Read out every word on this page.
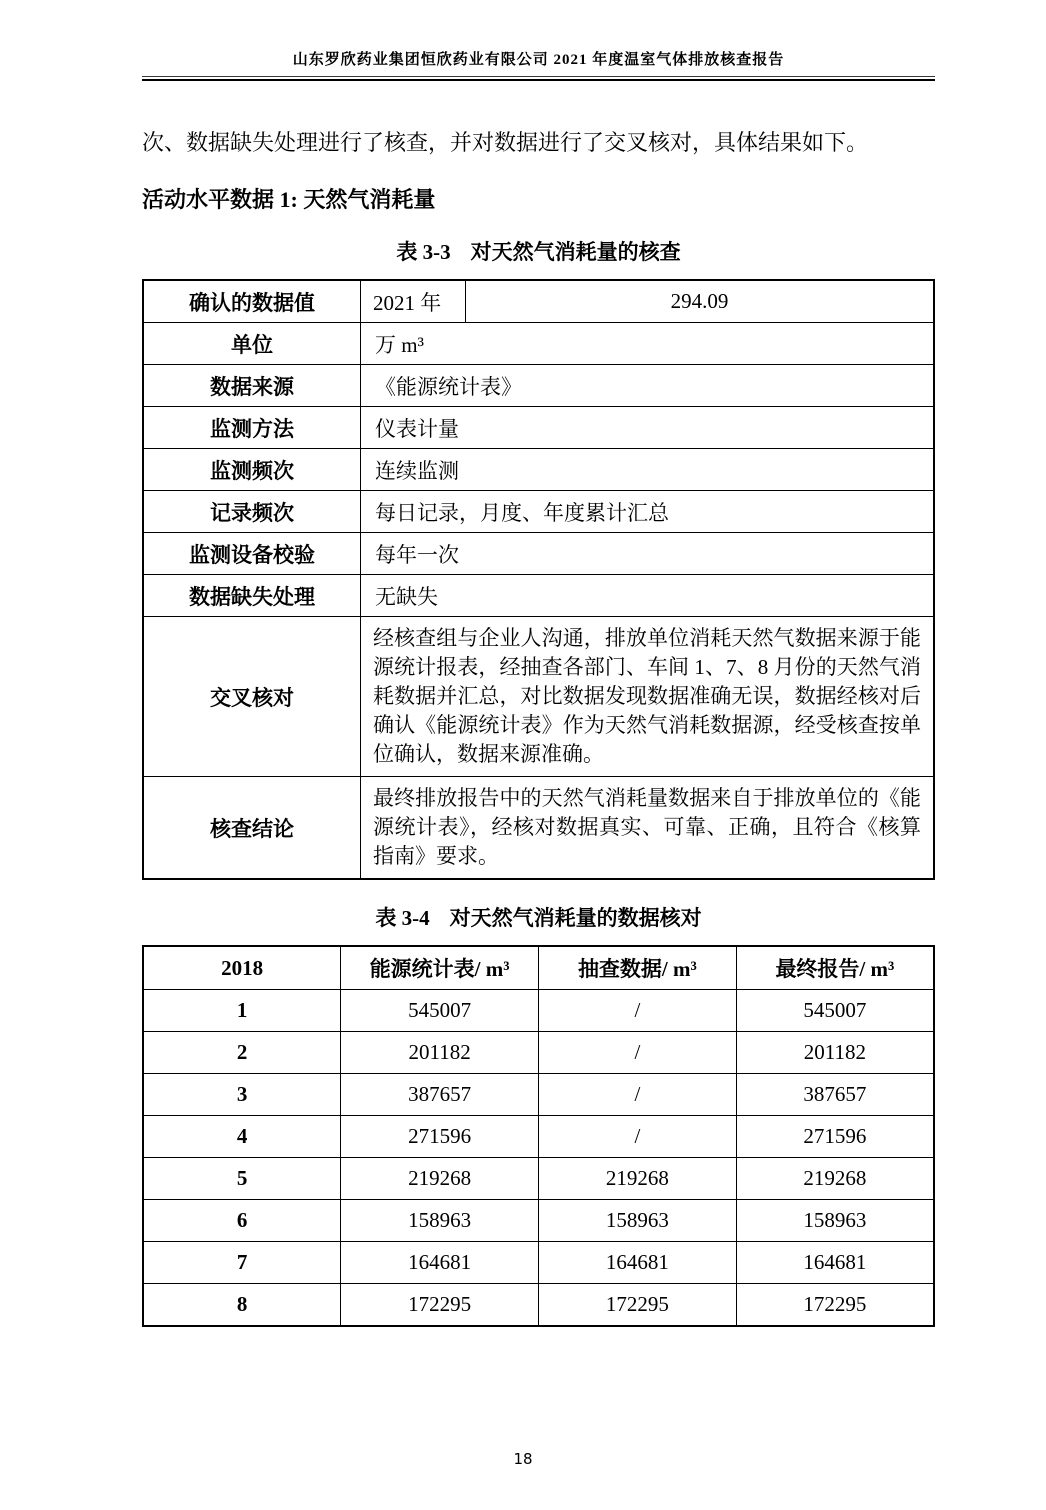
山东罗欣药业集团恒欣药业有限公司 2021 年度温室气体排放核查报告
次、数据缺失处理进行了核查，并对数据进行了交叉核对，具体结果如下。
活动水平数据 1: 天然气消耗量
表 3-3 对天然气消耗量的核查
确认的数据值	2021 年	294.09
单位	万 m³	
数据来源	《能源统计表》	
监测方法	仪表计量	
监测频次	连续监测	
记录频次	每日记录，月度、年度累计汇总	
监测设备校验	每年一次	
数据缺失处理	无缺失	
交叉核对	经核查组与企业人沟通，排放单位消耗天然气数据来源于能源统计报表，经抽查各部门、车间 1、7、8 月份的天然气消耗数据并汇总，对比数据发现数据准确无误，数据经核对后确认《能源统计表》作为天然气消耗数据源，经受核查按单位确认，数据来源准确。	
核查结论	最终排放报告中的天然气消耗量数据来自于排放单位的《能源统计表》，经核对数据真实、可靠、正确，且符合《核算指南》要求。	
表 3-4 对天然气消耗量的数据核对
2018	能源统计表/ m³	抽查数据/ m³	最终报告/ m³
1	545007	/	545007
2	201182	/	201182
3	387657	/	387657
4	271596	/	271596
5	219268	219268	219268
6	158963	158963	158963
7	164681	164681	164681
8	172295	172295	172295
18
